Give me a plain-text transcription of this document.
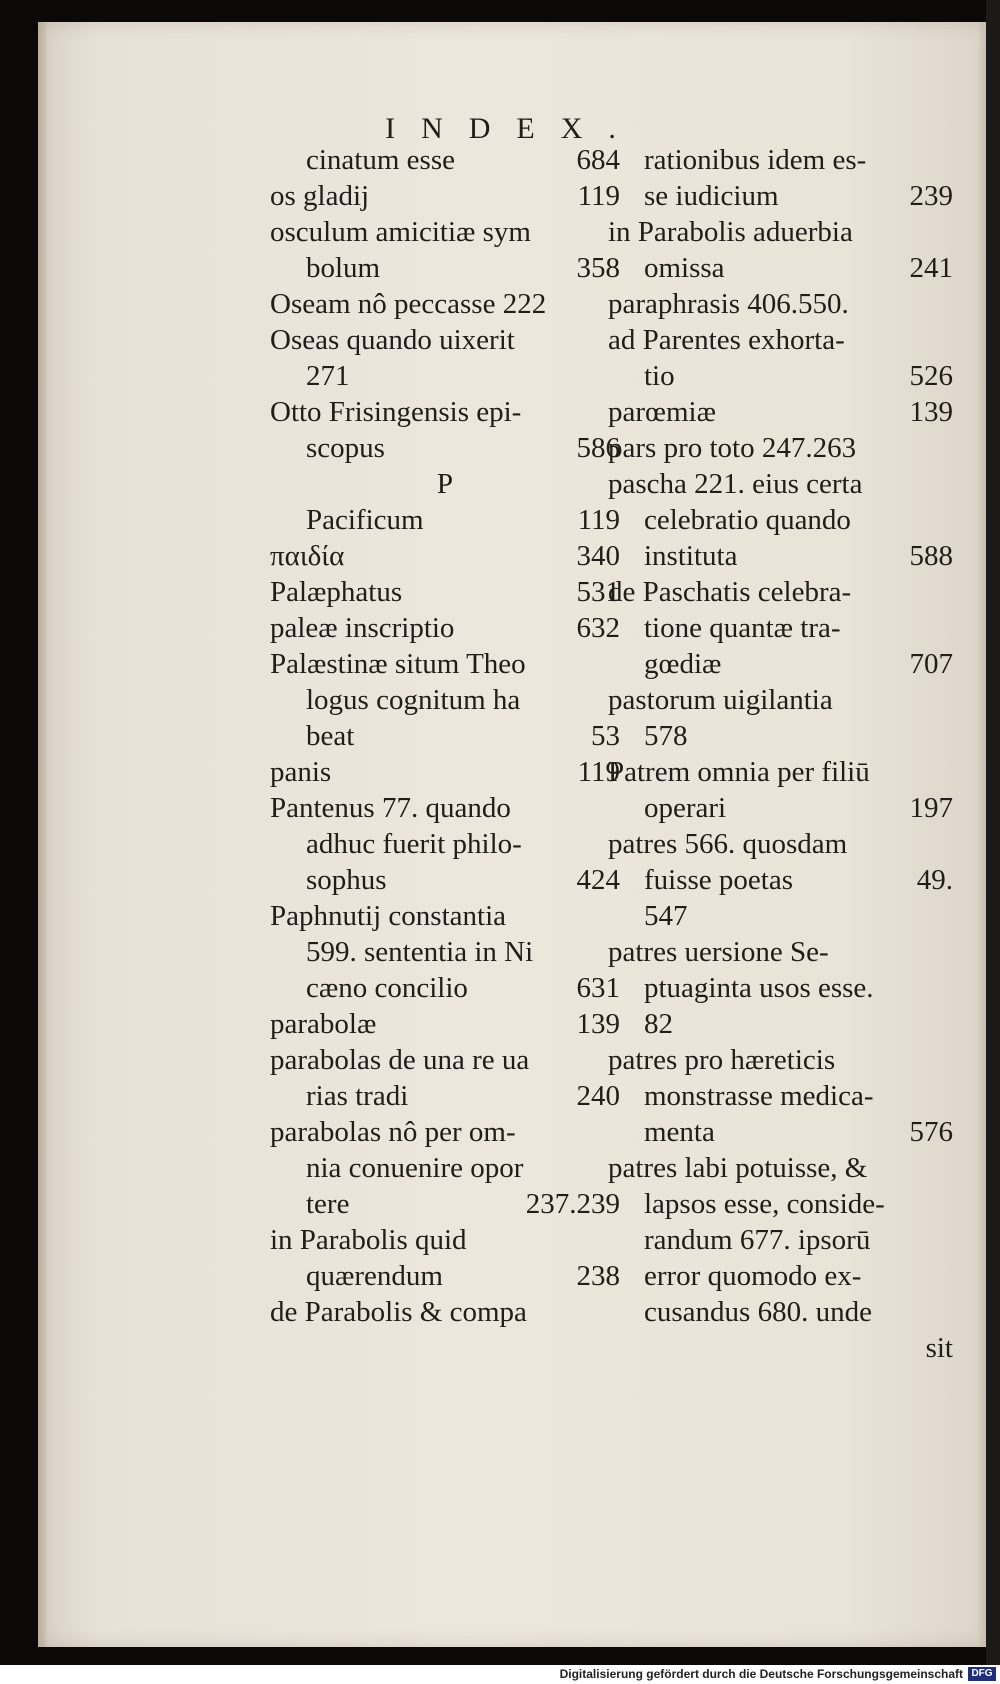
INDEX.
cinatum esse	684
os gladij	119
osculum amicitiæ sym
bolum	358
Oseam nô peccasse 222
Oseas quando uixerit
271
Otto Frisingensis epi-
scopus	586
P
Pacificum	119
παιδία	340
Palæphatus	531
paleæ inscriptio	632
Palæstinæ situm Theo
logus cognitum ha
beat	53
panis	119
Pantenus 77. quando
adhuc fuerit philo-
sophus	424
Paphnutij constantia
599. sententia in Ni
cæno concilio	631
parabolæ	139
parabolas de una re ua
rias tradi	240
parabolas nô per om-
nia conuenire opor
tere	237.239
in Parabolis quid
quærendum	238
de Parabolis & compa
rationibus idem es-
se iudicium	239
in Parabolis aduerbia
omissa	241
paraphrasis 406.550.
ad Parentes exhorta-
tio	526
parœmiæ	139
pars pro toto 247.263
pascha 221. eius certa
celebratio quando
instituta	588
de Paschatis celebra-
tione quantæ tra-
gœdiæ	707
pastorum uigilantia
578
Patrem omnia per filiū
operari	197
patres 566. quosdam
fuisse poetas	49.
547
patres uersione Se-
ptuaginta usos esse.
82
patres pro hæreticis
monstrasse medica-
menta	576
patres labi potuisse, &
lapsos esse, conside-
randum 677. ipsorū
error quomodo ex-
cusandus 680. unde
sit
Digitalisierung gefördert durch die Deutsche Forschungsgemeinschaft DFG
